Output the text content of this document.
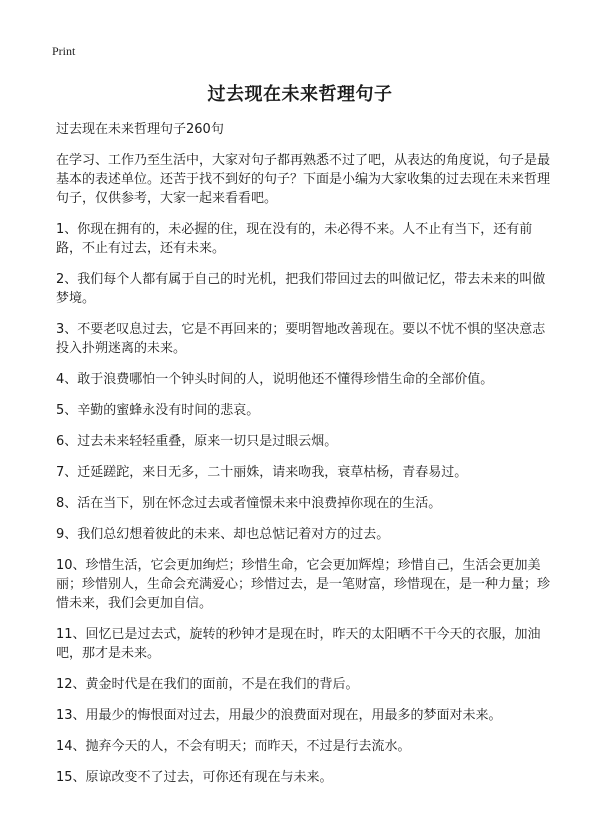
Print
过去现在未来哲理句子

过去现在未来哲理句子260句

在学习、工作乃至生活中，大家对句子都再熟悉不过了吧，从表达的角度说，句子是最基本的表述单位。还苦于找不到好的句子？下面是小编为大家收集的过去现在未来哲理句子，仅供参考，大家一起来看看吧。

1、你现在拥有的，未必握的住，现在没有的，未必得不来。人不止有当下，还有前路，不止有过去，还有未来。
2、我们每个人都有属于自己的时光机，把我们带回过去的叫做记忆，带去未来的叫做梦境。
3、不要老叹息过去，它是不再回来的；要明智地改善现在。要以不忧不惧的坚决意志投入扑朔迷离的未来。
4、敢于浪费哪怕一个钟头时间的人，说明他还不懂得珍惜生命的全部价值。
5、辛勤的蜜蜂永没有时间的悲哀。
6、过去未来轻轻重叠，原来一切只是过眼云烟。
7、迁延蹉跎，来日无多，二十丽姝，请来吻我，衰草枯杨，青春易过。
8、活在当下，别在怀念过去或者憧憬未来中浪费掉你现在的生活。
9、我们总幻想着彼此的未来、却也总惦记着对方的过去。
10、珍惜生活，它会更加绚烂；珍惜生命，它会更加辉煌；珍惜自己，生活会更加美丽；珍惜别人，生命会充满爱心；珍惜过去，是一笔财富，珍惜现在，是一种力量；珍惜未来，我们会更加自信。
11、回忆已是过去式，旋转的秒钟才是现在时，昨天的太阳晒不干今天的衣服，加油吧，那才是未来。
12、黄金时代是在我们的面前，不是在我们的背后。
13、用最少的悔恨面对过去，用最少的浪费面对现在，用最多的梦面对未来。
14、抛弃今天的人，不会有明天；而昨天，不过是行去流水。
15、原谅改变不了过去，可你还有现在与未来。
